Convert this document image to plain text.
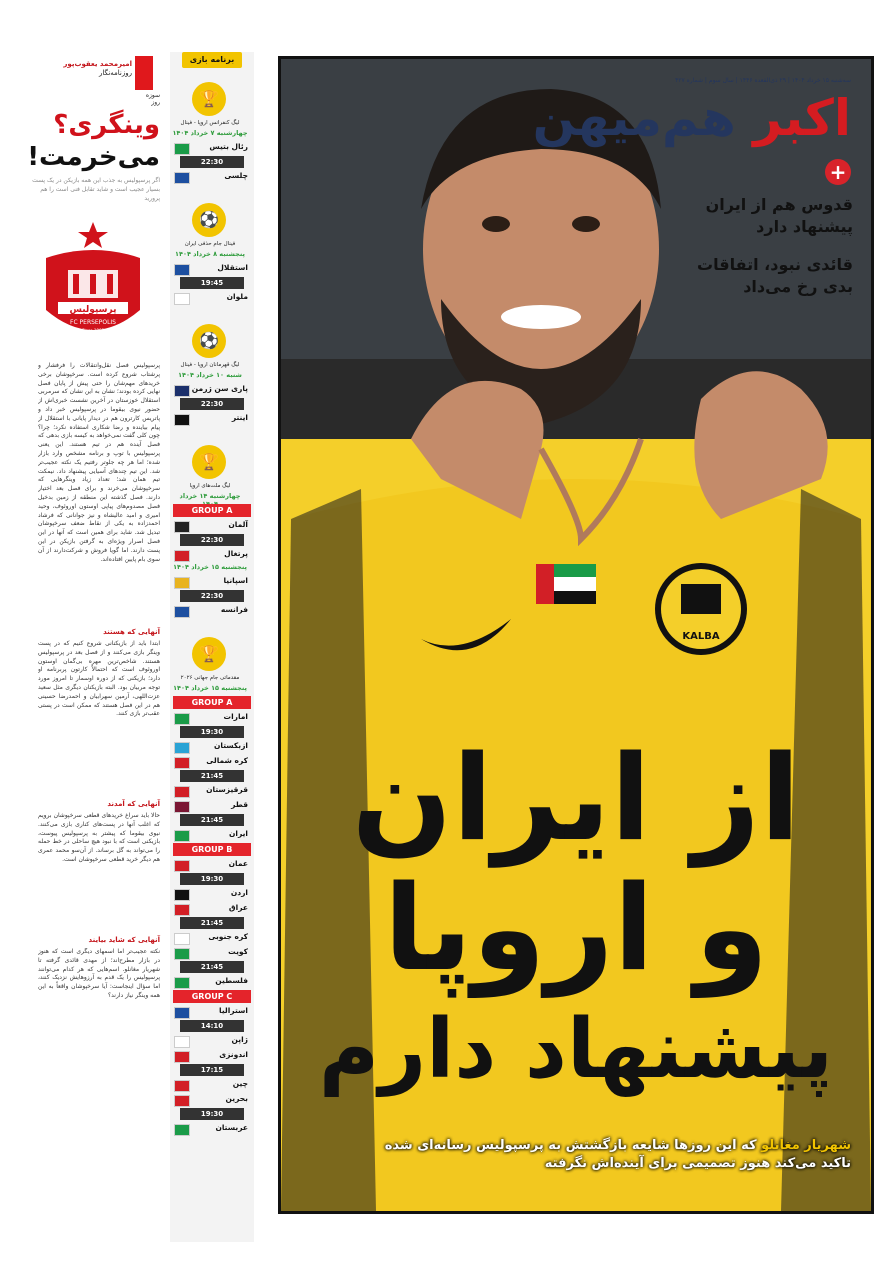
امیرمحمد یعقوب‌پور
روزنامه‌نگار
سوزه روز
وینگری؟
می‌خرمت!
اگر پرسپولیس به جذب این همه بازیکن در یک پست بسیار عجیب است و شاید تقابل فنی است را هم پرورید
پرسپولیس
FC PERSEPOLIS
Since 1963
پرسپولیس فصل نقل‌وانتقالات را فرفشار و پرشتاب شروع کرده است. سرخپوشان برخی خریدهای مهم‌شان را حتی پیش از پایان فصل نهایی کرده بودند؛ نشان به این نشان که سرمربی استقلال خوزستان در آخرین نشست خبری‌اش از حضور نیوی بیقوما در پرسپولیس خبر داد و پاتریس کارترون هم در دیدار پایانی با استقلال از پیام بیاینده و رضا شکاری استفاده نکرد؛ چرا؟ چون کلی گفت نمی‌خواهد به کیسه بازی بدهی که فصل آینده هم در تیم هستند. این یعنی پرسپولیس با توپ و برنامه مشخص وارد بازار شده؛ اما هر چه جلوتر رفتیم یک نکته عجیب‌تر شد. این تیم چندهای آسیایی پیشنهاد داد. نیمکت تیم همان شد؛ تعداد زیاد وینگرهایی که سرخپوشان می‌خرند و برای فصل بعد اختیار دارند. فصل گذشته این منطقه از زمین بدخیل فصل مصدوم‌های پیاپی اوستون اوروئوف، وحید امیری و امید عالیشاه و نیز جوانانی که فرشاد احمدزاده به یکی از نقاط ضعف سرخپوشان تبدیل شد. شاید برای همین است که آنها در این فصل اصرار ویژه‌ای به گرفتن بازیکن در این پست دارند. اما گویا فروش و شرکت‌دارند از آن سوی بام پایین افتاده‌اند.
آنهایی که هستند
ابتدا باید از بازیکنانی شروع کنیم که در پست وینگر بازی می‌کنند و از فصل بعد در پرسپولیس هستند. شاخص‌ترین مهره بی‌گمان اوستون اوروئوف است که احتمالاً کارتون پربرنامه او دارد؛ بازیکنی که از دوره اوسمار تا امروز مورد توجه مربیان بود. البته بازیکنان دیگری مثل سعید عزت‌اللهی، آرمین سهرابیان و احمدرضا حسینی هم در این فصل هستند که ممکن است در پستی عقب‌تر بازی کنند.
آنهایی که آمدند
حالا باید سراغ خریدهای قطعی سرخپوشان برویم که اغلب آنها در پست‌های کناری بازی می‌کنند. نیوی بیقوما که پیشتر به پرسپولیس پیوست، بازیکنی است که با نبود هیچ ساحلی در خط حمله را می‌تواند به گل برساند. از آن‌سو محمد عمری هم دیگر خرید قطعی سرخپوشان است.
آنهایی که شاید بیایند
نکته عجیب‌تر اما اسمهای دیگری است که هنوز در بازار مطرح‌اند؛ از مهدی قائدی گرفته تا شهریار مغانلو. اسم‌هایی که هر کدام می‌توانند پرسپولیس را یک قدم به آرزوهایش نزدیک کنند، اما سؤال اینجاست: آیا سرخپوشان واقعاً به این همه وینگر نیاز دارند؟
برنامه بازی
🏆
لیگ کنفرانس اروپا - فینال
چهارشنبه ۷ خرداد ۱۴۰۴
رئال بتیس
22:30
چلسی
⚽
فینال جام حذفی ایران
پنجشنبه ۸ خرداد ۱۴۰۴
استقلال
19:45
ملوان
⚽
لیگ قهرمانان اروپا - فینال
شنبه ۱۰ خرداد ۱۴۰۴
پاری سن ژرمن
22:30
اینتر
🏆
لیگ ملت‌های اروپا
چهارشنبه ۱۴ خرداد
GROUP A
آلمان
22:30
پرتغال
پنجشنبه ۱۵ خرداد ۱۴۰۴
اسپانیا
22:30
فرانسه
🏆
مقدماتی جام جهانی ۲۰۲۶
پنجشنبه ۱۵ خرداد ۱۴۰۴
GROUP A
امارات
19:30
ازبکستان
کره شمالی
21:45
قرقیزستان
قطر
21:45
ایران
GROUP B
عمان
19:30
اردن
عراق
21:45
کره جنوبی
کویت
21:45
فلسطین
GROUP C
استرالیا
14:10
ژاپن
اندونزی
17:15
چین
بحرین
19:30
عربستان
KALBA
اکبر هم‌میهن
سه‌شنبه ۱۵ خرداد ۱۴۰۴ | ۲۹ ذی‌القعده ۱۴۴۶ | سال سوم | شماره ۴۲۷
+
قدوس هم از ایران
پیشنهاد دارد
قائدی نبود، اتفاقات
بدی رخ می‌داد
از ایران
و اروپا
پیشنهاد دارم
شهریار مغانلو که این روزها شایعه بازگشتش به پرسپولیس رسانه‌ای شده
تاکید می‌کند هنوز تصمیمی برای آینده‌اش نگرفته
